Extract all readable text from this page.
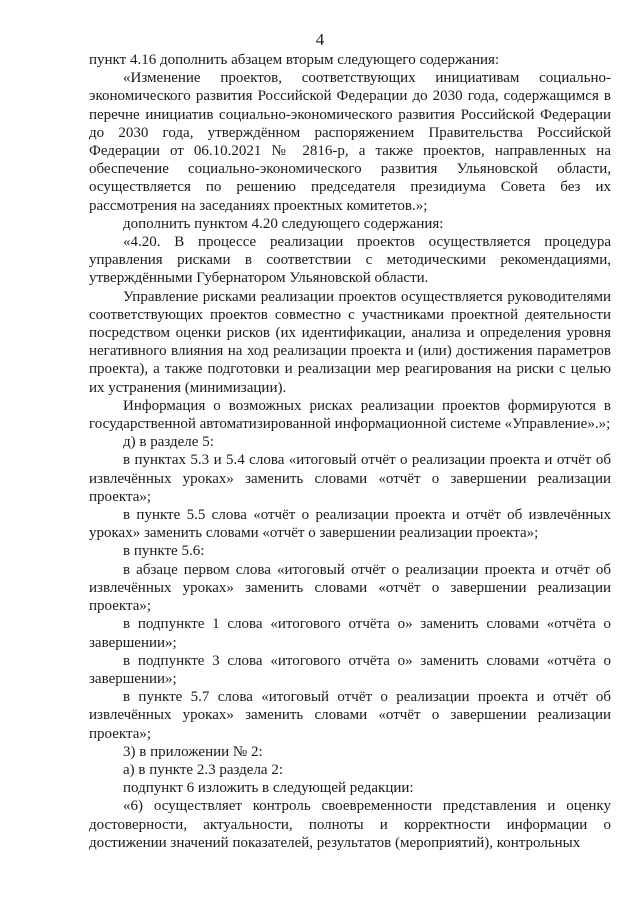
4

пункт 4.16 дополнить абзацем вторым следующего содержания:

«Изменение проектов, соответствующих инициативам социально-экономического развития Российской Федерации до 2030 года, содержащимся в перечне инициатив социально-экономического развития Российской Федерации до 2030 года, утверждённом распоряжением Правительства Российской Федерации от 06.10.2021 № 2816-р, а также проектов, направленных на обеспечение социально-экономического развития Ульяновской области, осуществляется по решению председателя президиума Совета без их рассмотрения на заседаниях проектных комитетов.»;

дополнить пунктом 4.20 следующего содержания:

«4.20. В процессе реализации проектов осуществляется процедура управления рисками в соответствии с методическими рекомендациями, утверждёнными Губернатором Ульяновской области.

Управление рисками реализации проектов осуществляется руководителями соответствующих проектов совместно с участниками проектной деятельности посредством оценки рисков (их идентификации, анализа и определения уровня негативного влияния на ход реализации проекта и (или) достижения параметров проекта), а также подготовки и реализации мер реагирования на риски с целью их устранения (минимизации).

Информация о возможных рисках реализации проектов формируются в государственной автоматизированной информационной системе «Управление».»;

д) в разделе 5:

в пунктах 5.3 и 5.4 слова «итоговый отчёт о реализации проекта и отчёт об извлечённых уроках» заменить словами «отчёт о завершении реализации проекта»;

в пункте 5.5 слова «отчёт о реализации проекта и отчёт об извлечённых уроках» заменить словами «отчёт о завершении реализации проекта»;

в пункте 5.6:

в абзаце первом слова «итоговый отчёт о реализации проекта и отчёт об извлечённых уроках» заменить словами «отчёт о завершении реализации проекта»;

в подпункте 1 слова «итогового отчёта о» заменить словами «отчёта о завершении»;

в подпункте 3 слова «итогового отчёта о» заменить словами «отчёта о завершении»;

в пункте 5.7 слова «итоговый отчёт о реализации проекта и отчёт об извлечённых уроках» заменить словами «отчёт о завершении реализации проекта»;

3) в приложении № 2:

а) в пункте 2.3 раздела 2:

подпункт 6 изложить в следующей редакции:

«6) осуществляет контроль своевременности представления и оценку достоверности, актуальности, полноты и корректности информации о достижении значений показателей, результатов (мероприятий), контрольных
